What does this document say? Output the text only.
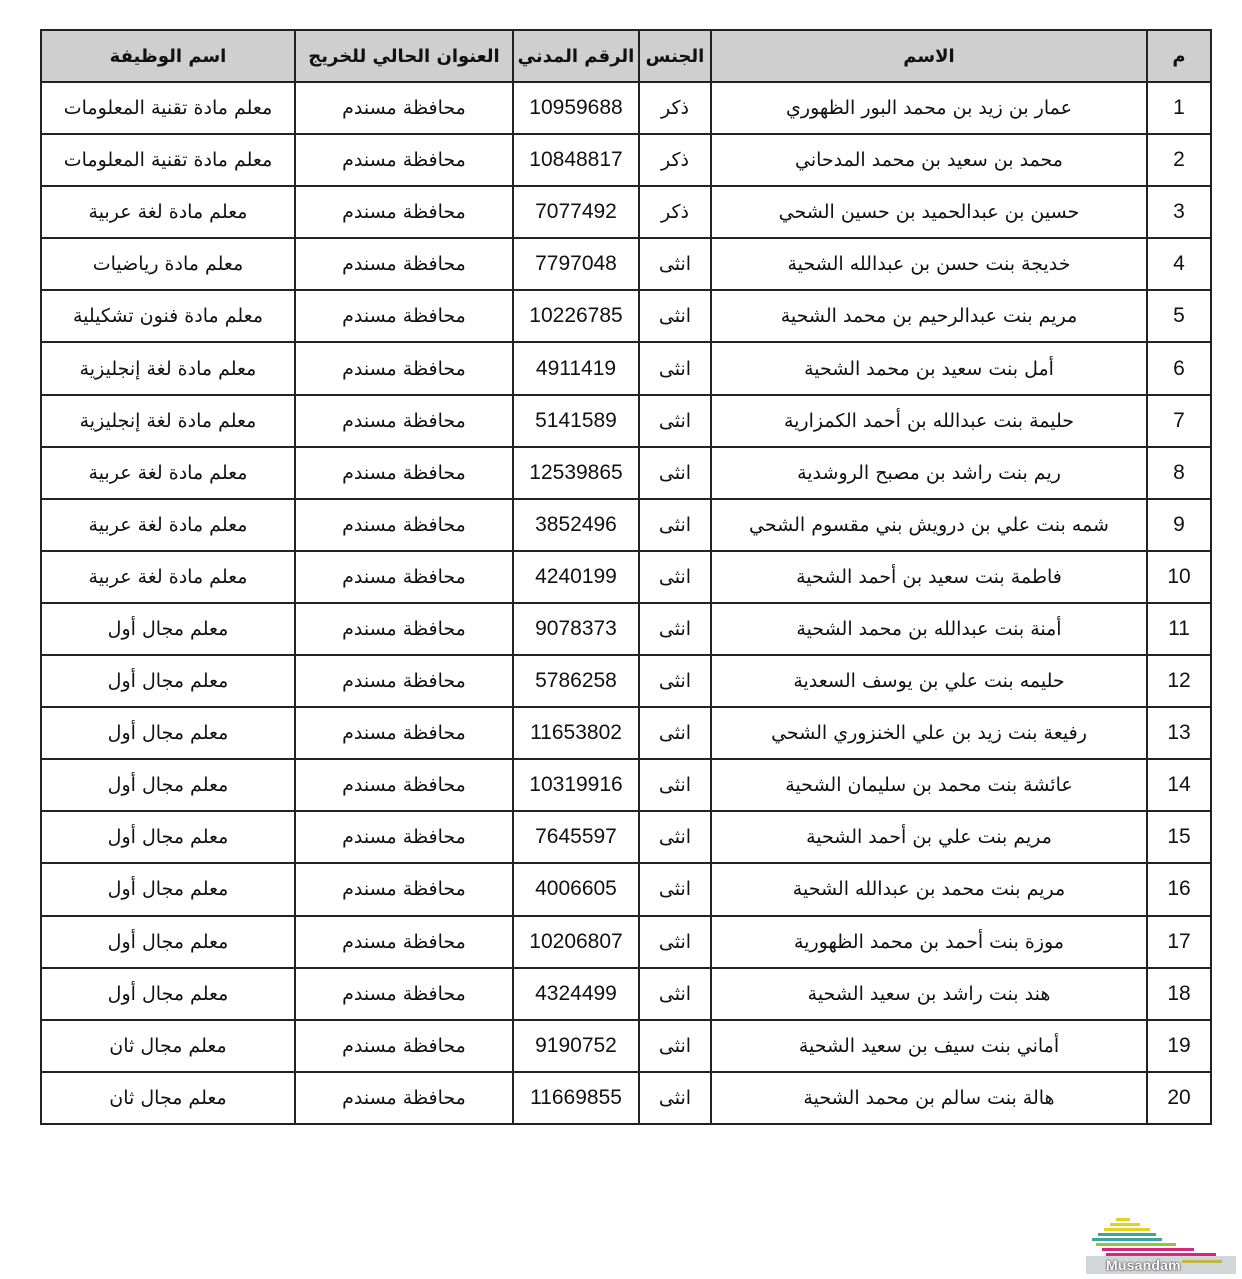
م	الاسم	الجنس	الرقم المدني	العنوان الحالي للخريج	اسم الوظيفة
1	عمار بن زيد بن محمد البور الظهوري	ذكر	10959688	محافظة مسندم	معلم مادة تقنية المعلومات
2	محمد بن سعيد بن محمد المدحاني	ذكر	10848817	محافظة مسندم	معلم مادة تقنية المعلومات
3	حسين بن عبدالحميد بن حسين الشحي	ذكر	7077492	محافظة مسندم	معلم مادة لغة عربية
4	خديجة بنت حسن بن عبدالله الشحية	انثى	7797048	محافظة مسندم	معلم مادة رياضيات
5	مريم بنت عبدالرحيم بن محمد الشحية	انثى	10226785	محافظة مسندم	معلم مادة فنون تشكيلية
6	أمل بنت سعيد بن محمد الشحية	انثى	4911419	محافظة مسندم	معلم مادة لغة إنجليزية
7	حليمة بنت عبدالله بن أحمد الكمزارية	انثى	5141589	محافظة مسندم	معلم مادة لغة إنجليزية
8	ريم بنت راشد بن مصبح الروشدية	انثى	12539865	محافظة مسندم	معلم مادة لغة عربية
9	شمه بنت علي بن درويش بني مقسوم الشحي	انثى	3852496	محافظة مسندم	معلم مادة لغة عربية
10	فاطمة بنت سعيد بن أحمد الشحية	انثى	4240199	محافظة مسندم	معلم مادة لغة عربية
11	أمنة بنت عبدالله بن محمد الشحية	انثى	9078373	محافظة مسندم	معلم مجال أول
12	حليمه بنت علي بن يوسف السعدية	انثى	5786258	محافظة مسندم	معلم مجال أول
13	رفيعة بنت زيد بن علي الخنزوري الشحي	انثى	11653802	محافظة مسندم	معلم مجال أول
14	عائشة بنت محمد بن سليمان الشحية	انثى	10319916	محافظة مسندم	معلم مجال أول
15	مريم بنت علي بن أحمد الشحية	انثى	7645597	محافظة مسندم	معلم مجال أول
16	مريم بنت محمد بن عبدالله الشحية	انثى	4006605	محافظة مسندم	معلم مجال أول
17	موزة بنت أحمد بن محمد الظهورية	انثى	10206807	محافظة مسندم	معلم مجال أول
18	هند بنت راشد بن سعيد الشحية	انثى	4324499	محافظة مسندم	معلم مجال أول
19	أماني بنت سيف بن سعيد الشحية	انثى	9190752	محافظة مسندم	معلم مجال ثان
20	هالة بنت سالم بن محمد الشحية	انثى	11669855	محافظة مسندم	معلم مجال ثان
Musandam
